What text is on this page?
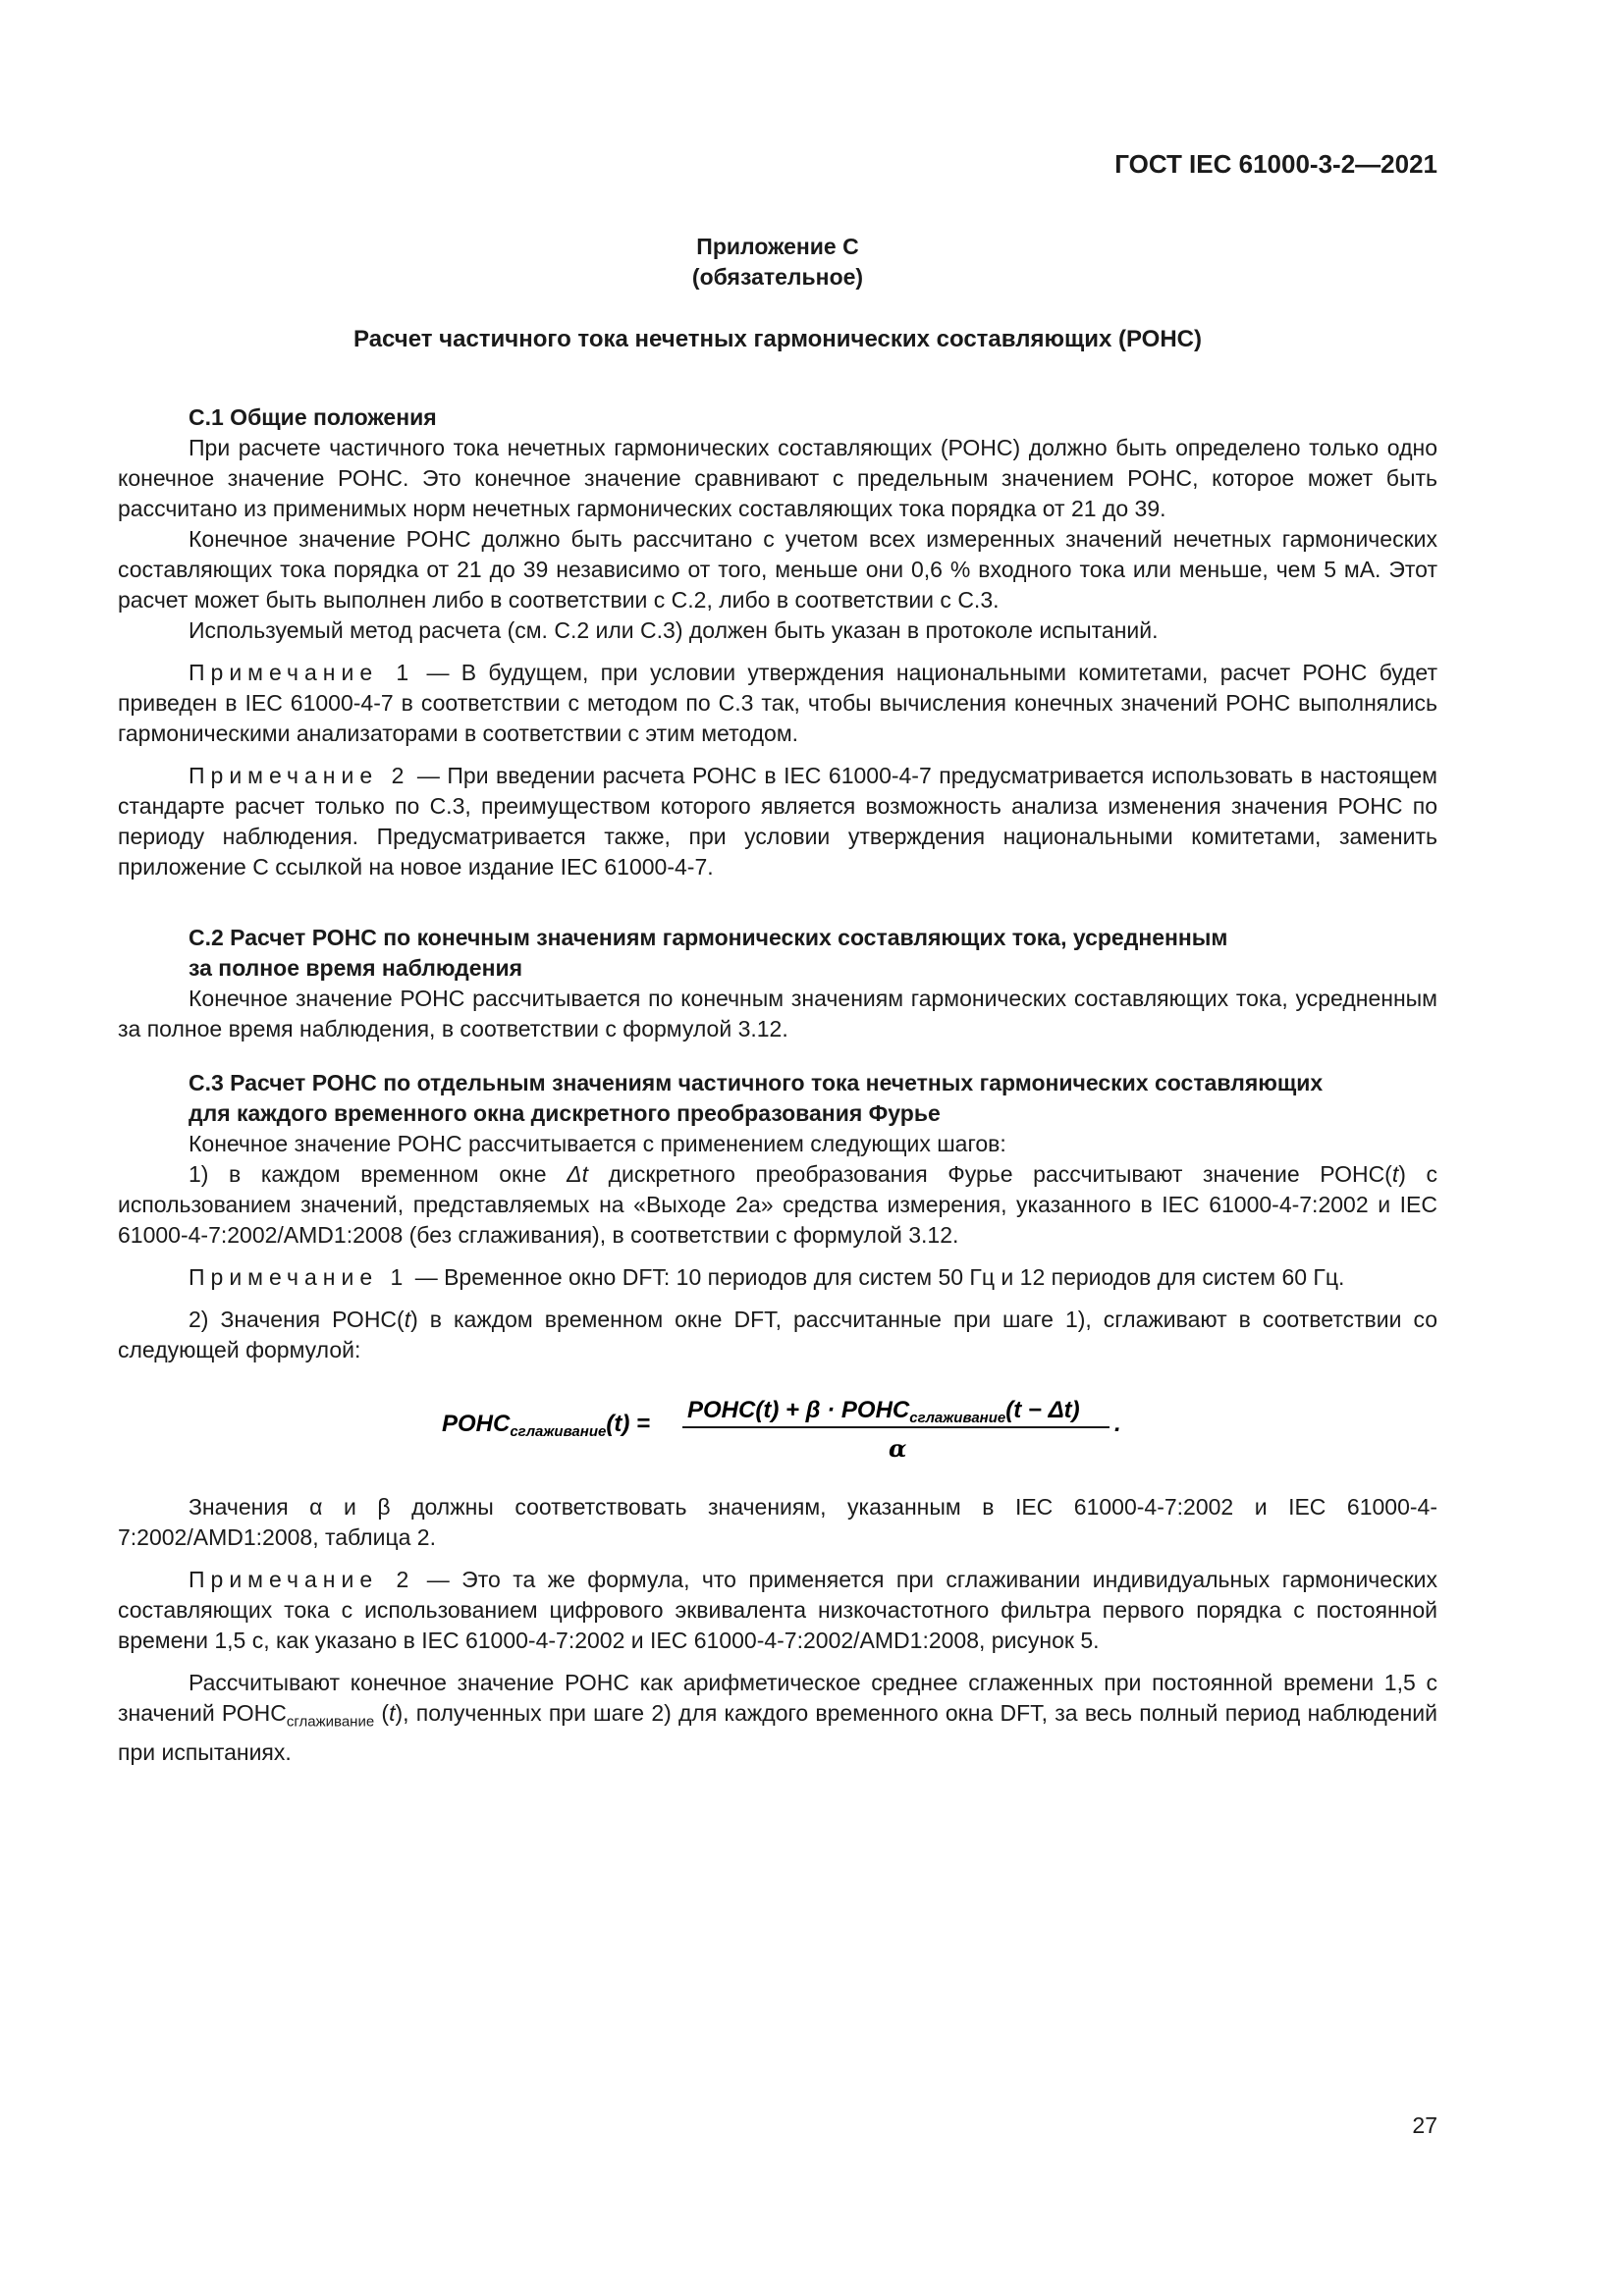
ГОСТ IEC 61000-3-2—2021
Приложение С
(обязательное)
Расчет частичного тока нечетных гармонических составляющих (РОНС)

С.1 Общие положения

При расчете частичного тока нечетных гармонических составляющих (РОНС) должно быть определено только одно конечное значение РОНС. Это конечное значение сравнивают с предельным значением РОНС, которое может быть рассчитано из применимых норм нечетных гармонических составляющих тока порядка от 21 до 39.

Конечное значение РОНС должно быть рассчитано с учетом всех измеренных значений нечетных гармонических составляющих тока порядка от 21 до 39 независимо от того, меньше они 0,6 % входного тока или меньше, чем 5 мА. Этот расчет может быть выполнен либо в соответствии с С.2, либо в соответствии с С.3.

Используемый метод расчета (см. С.2 или С.3) должен быть указан в протоколе испытаний.

Примечание 1 — В будущем, при условии утверждения национальными комитетами, расчет РОНС будет приведен в IEC 61000-4-7 в соответствии с методом по С.3 так, чтобы вычисления конечных значений РОНС выполнялись гармоническими анализаторами в соответствии с этим методом.

Примечание 2 — При введении расчета РОНС в IEC 61000-4-7 предусматривается использовать в настоящем стандарте расчет только по С.3, преимуществом которого является возможность анализа изменения значения РОНС по периоду наблюдения. Предусматривается также, при условии утверждения национальными комитетами, заменить приложение С ссылкой на новое издание IEC 61000-4-7.

С.2 Расчет РОНС по конечным значениям гармонических составляющих тока, усредненным
за полное время наблюдения

Конечное значение РОНС рассчитывается по конечным значениям гармонических составляющих тока, усредненным за полное время наблюдения, в соответствии с формулой 3.12.

С.3 Расчет РОНС по отдельным значениям частичного тока нечетных гармонических составляющих
для каждого временного окна дискретного преобразования Фурье

Конечное значение РОНС рассчитывается с применением следующих шагов:

1) в каждом временном окне Δt дискретного преобразования Фурье рассчитывают значение РОНС(t) с использованием значений, представляемых на «Выходе 2а» средства измерения, указанного в IEC 61000-4-7:2002 и IEC 61000-4-7:2002/AMD1:2008 (без сглаживания), в соответствии с формулой 3.12.

Примечание 1 — Временное окно DFT: 10 периодов для систем 50 Гц и 12 периодов для систем 60 Гц.

2) Значения РОНС(t) в каждом временном окне DFT, рассчитанные при шаге 1), сглаживают в соответствии со следующей формулой:

$РОНС_{сглаживание}(t)$ =
РОНС(t) + $\beta \cdot РОНС_{сглаживание}(t - \Delta t)$
α
.

Значения α и β должны соответствовать значениям, указанным в IEC 61000-4-7:2002 и IEC 61000-4-7:2002/AMD1:2008, таблица 2.

Примечание 2 — Это та же формула, что применяется при сглаживании индивидуальных гармонических составляющих тока с использованием цифрового эквивалента низкочастотного фильтра первого порядка с постоянной времени 1,5 с, как указано в IEC 61000-4-7:2002 и IEC 61000-4-7:2002/AMD1:2008, рисунок 5.

Рассчитывают конечное значение РОНС как арифметическое среднее сглаженных при постоянной времени 1,5 с значений $РОНС_{сглаживание}$ (t), полученных при шаге 2) для каждого временного окна DFT, за весь полный период наблюдений при испытаниях.

27
